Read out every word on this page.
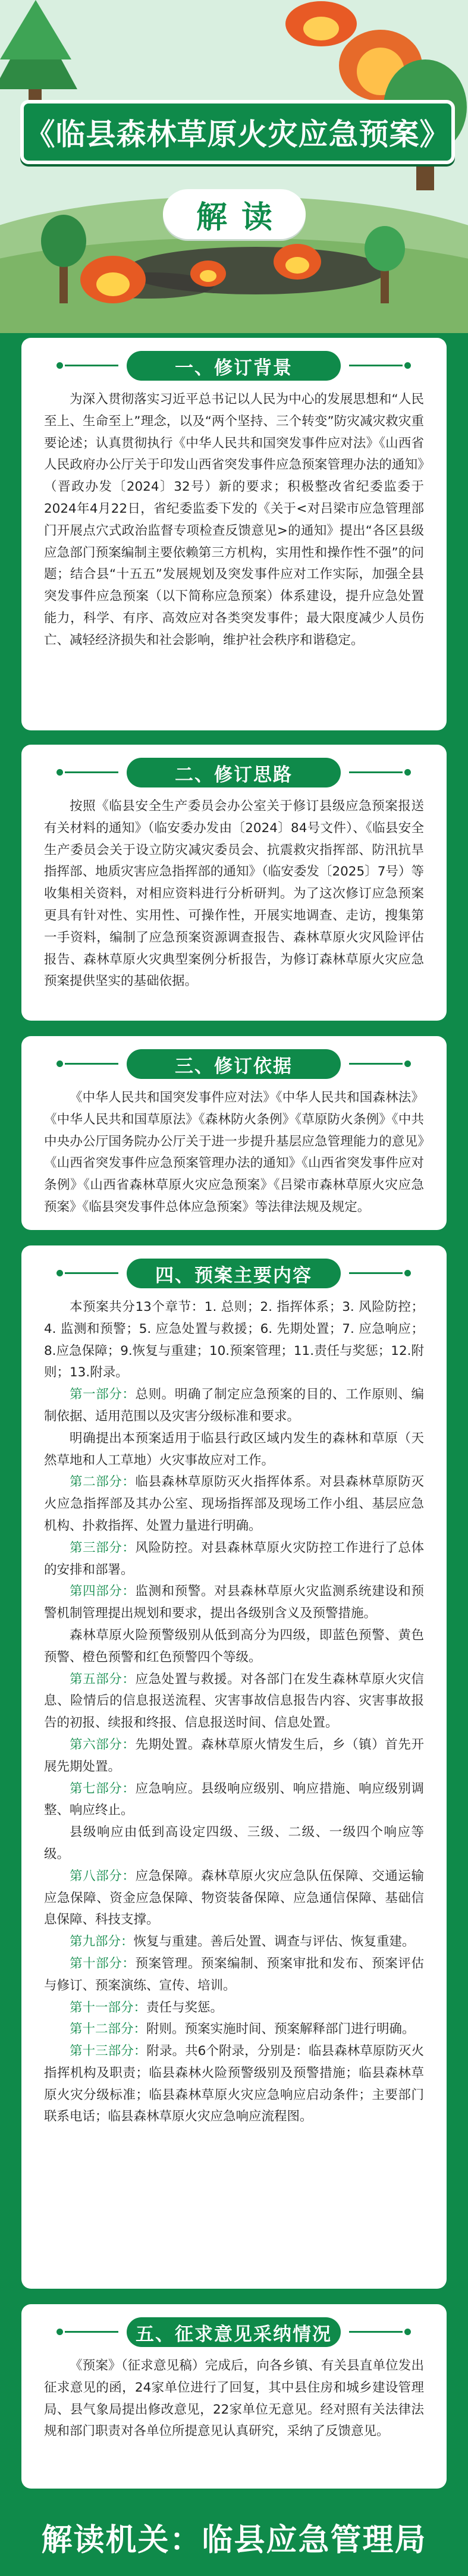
《临县森林草原火灾应急预案》
解读
一、修订背景

为深入贯彻落实习近平总书记以人民为中心的发展思想和“人民至上、生命至上”理念，以及“两个坚持、三个转变”防灾减灾救灾重要论述；认真贯彻执行《中华人民共和国突发事件应对法》《山西省人民政府办公厅关于印发山西省突发事件应急预案管理办法的通知》（晋政办发〔2024〕32号）新的要求；积极整改省纪委监委于2024年4月22日，省纪委监委下发的《关于<对吕梁市应急管理部门开展点穴式政治监督专项检查反馈意见>的通知》提出“各区县级应急部门预案编制主要依赖第三方机构，实用性和操作性不强”的问题；结合县“十五五”发展规划及突发事件应对工作实际，加强全县突发事件应急预案（以下简称应急预案）体系建设，提升应急处置能力，科学、有序、高效应对各类突发事件；最大限度减少人员伤亡、减轻经济损失和社会影响，维护社会秩序和谐稳定。

二、修订思路

按照《临县安全生产委员会办公室关于修订县级应急预案报送有关材料的通知》（临安委办发由〔2024〕84号文件）、《临县安全生产委员会关于设立防灾减灾委员会、抗震救灾指挥部、防汛抗旱指挥部、地质灾害应急指挥部的通知》（临安委发〔2025〕7号）等收集相关资料，对相应资料进行分析研判。为了这次修订应急预案更具有针对性、实用性、可操作性，开展实地调查、走访，搜集第一手资料，编制了应急预案资源调查报告、森林草原火灾风险评估报告、森林草原火灾典型案例分析报告，为修订森林草原火灾应急预案提供坚实的基础依据。

三、修订依据

《中华人民共和国突发事件应对法》《中华人民共和国森林法》《中华人民共和国草原法》《森林防火条例》《草原防火条例》《中共中央办公厅国务院办公厅关于进一步提升基层应急管理能力的意见》《山西省突发事件应急预案管理办法的通知》《山西省突发事件应对条例》《山西省森林草原火灾应急预案》《吕梁市森林草原火灾应急预案》《临县突发事件总体应急预案》等法律法规及规定。

四、预案主要内容

本预案共分13个章节：1. 总则；2. 指挥体系；3. 风险防控；4. 监测和预警；5. 应急处置与救援；6. 先期处置；7. 应急响应；8.应急保障；9.恢复与重建；10.预案管理；11.责任与奖惩；12.附则；13.附录。

第一部分：总则。明确了制定应急预案的目的、工作原则、编制依据、适用范围以及灾害分级标准和要求。

明确提出本预案适用于临县行政区域内发生的森林和草原（天然草地和人工草地）火灾事故应对工作。

第二部分：临县森林草原防灭火指挥体系。对县森林草原防灭火应急指挥部及其办公室、现场指挥部及现场工作小组、基层应急机构、扑救指挥、处置力量进行明确。

第三部分：风险防控。对县森林草原火灾防控工作进行了总体的安排和部署。

第四部分：监测和预警。对县森林草原火灾监测系统建设和预警机制管理提出规划和要求，提出各级别含义及预警措施。

森林草原火险预警级别从低到高分为四级，即蓝色预警、黄色预警、橙色预警和红色预警四个等级。

第五部分：应急处置与救援。对各部门在发生森林草原火灾信息、险情后的信息报送流程、灾害事故信息报告内容、灾害事故报告的初报、续报和终报、信息报送时间、信息处置。

第六部分：先期处置。森林草原火情发生后，乡（镇）首先开展先期处置。

第七部分：应急响应。县级响应级别、响应措施、响应级别调整、响应终止。

县级响应由低到高设定四级、三级、二级、一级四个响应等级。

第八部分：应急保障。森林草原火灾应急队伍保障、交通运输应急保障、资金应急保障、物资装备保障、应急通信保障、基础信息保障、科技支撑。

第九部分：恢复与重建。善后处置、调查与评估、恢复重建。

第十部分：预案管理。预案编制、预案审批和发布、预案评估与修订、预案演练、宣传、培训。

第十一部分：责任与奖惩。

第十二部分：附则。预案实施时间、预案解释部门进行明确。

第十三部分：附录。共6个附录，分别是：临县森林草原防灭火指挥机构及职责；临县森林火险预警级别及预警措施；临县森林草原火灾分级标准；临县森林草原火灾应急响应启动条件；主要部门联系电话；临县森林草原火灾应急响应流程图。

五、征求意见采纳情况

《预案》（征求意见稿）完成后，向各乡镇、有关县直单位发出征求意见的函，24家单位进行了回复，其中县住房和城乡建设管理局、县气象局提出修改意见，22家单位无意见。经对照有关法律法规和部门职责对各单位所提意见认真研究，采纳了反馈意见。

解读机关：临县应急管理局
